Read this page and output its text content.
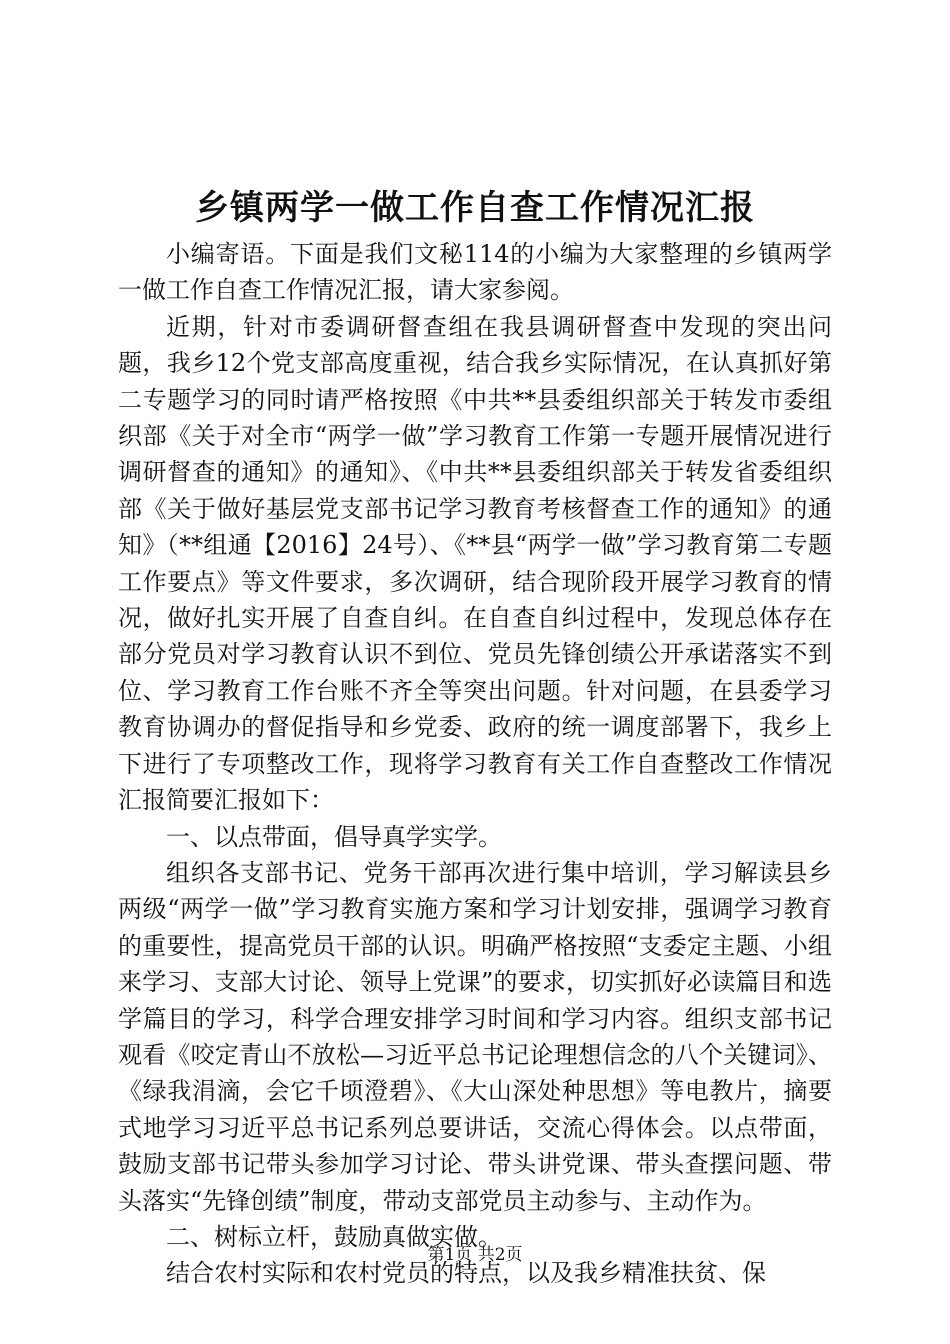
乡镇两学一做工作自查工作情况汇报

小编寄语。下面是我们文秘114的小编为大家整理的乡镇两学一做工作自查工作情况汇报，请大家参阅。

近期，针对市委调研督查组在我县调研督查中发现的突出问题，我乡12个党支部高度重视，结合我乡实际情况，在认真抓好第二专题学习的同时请严格按照《中共**县委组织部关于转发市委组织部《关于对全市“两学一做”学习教育工作第一专题开展情况进行调研督查的通知》的通知》、《中共**县委组织部关于转发省委组织部《关于做好基层党支部书记学习教育考核督查工作的通知》的通知》（**组通【2016】24号）、《**县“两学一做”学习教育第二专题工作要点》等文件要求，多次调研，结合现阶段开展学习教育的情况，做好扎实开展了自查自纠。在自查自纠过程中，发现总体存在部分党员对学习教育认识不到位、党员先锋创绩公开承诺落实不到位、学习教育工作台账不齐全等突出问题。针对问题，在县委学习教育协调办的督促指导和乡党委、政府的统一调度部署下，我乡上下进行了专项整改工作，现将学习教育有关工作自查整改工作情况汇报简要汇报如下：

一、以点带面，倡导真学实学。

组织各支部书记、党务干部再次进行集中培训，学习解读县乡两级“两学一做”学习教育实施方案和学习计划安排，强调学习教育的重要性，提高党员干部的认识。明确严格按照“支委定主题、小组来学习、支部大讨论、领导上党课”的要求，切实抓好必读篇目和选学篇目的学习，科学合理安排学习时间和学习内容。组织支部书记观看《咬定青山不放松—习近平总书记论理想信念的八个关键词》、《绿我涓滴，会它千顷澄碧》、《大山深处种思想》等电教片，摘要式地学习习近平总书记系列总要讲话，交流心得体会。以点带面，鼓励支部书记带头参加学习讨论、带头讲党课、带头查摆问题、带头落实“先锋创绩”制度，带动支部党员主动参与、主动作为。

二、树标立杆，鼓励真做实做。

结合农村实际和农村党员的特点，以及我乡精准扶贫、保

第1页 共2页
